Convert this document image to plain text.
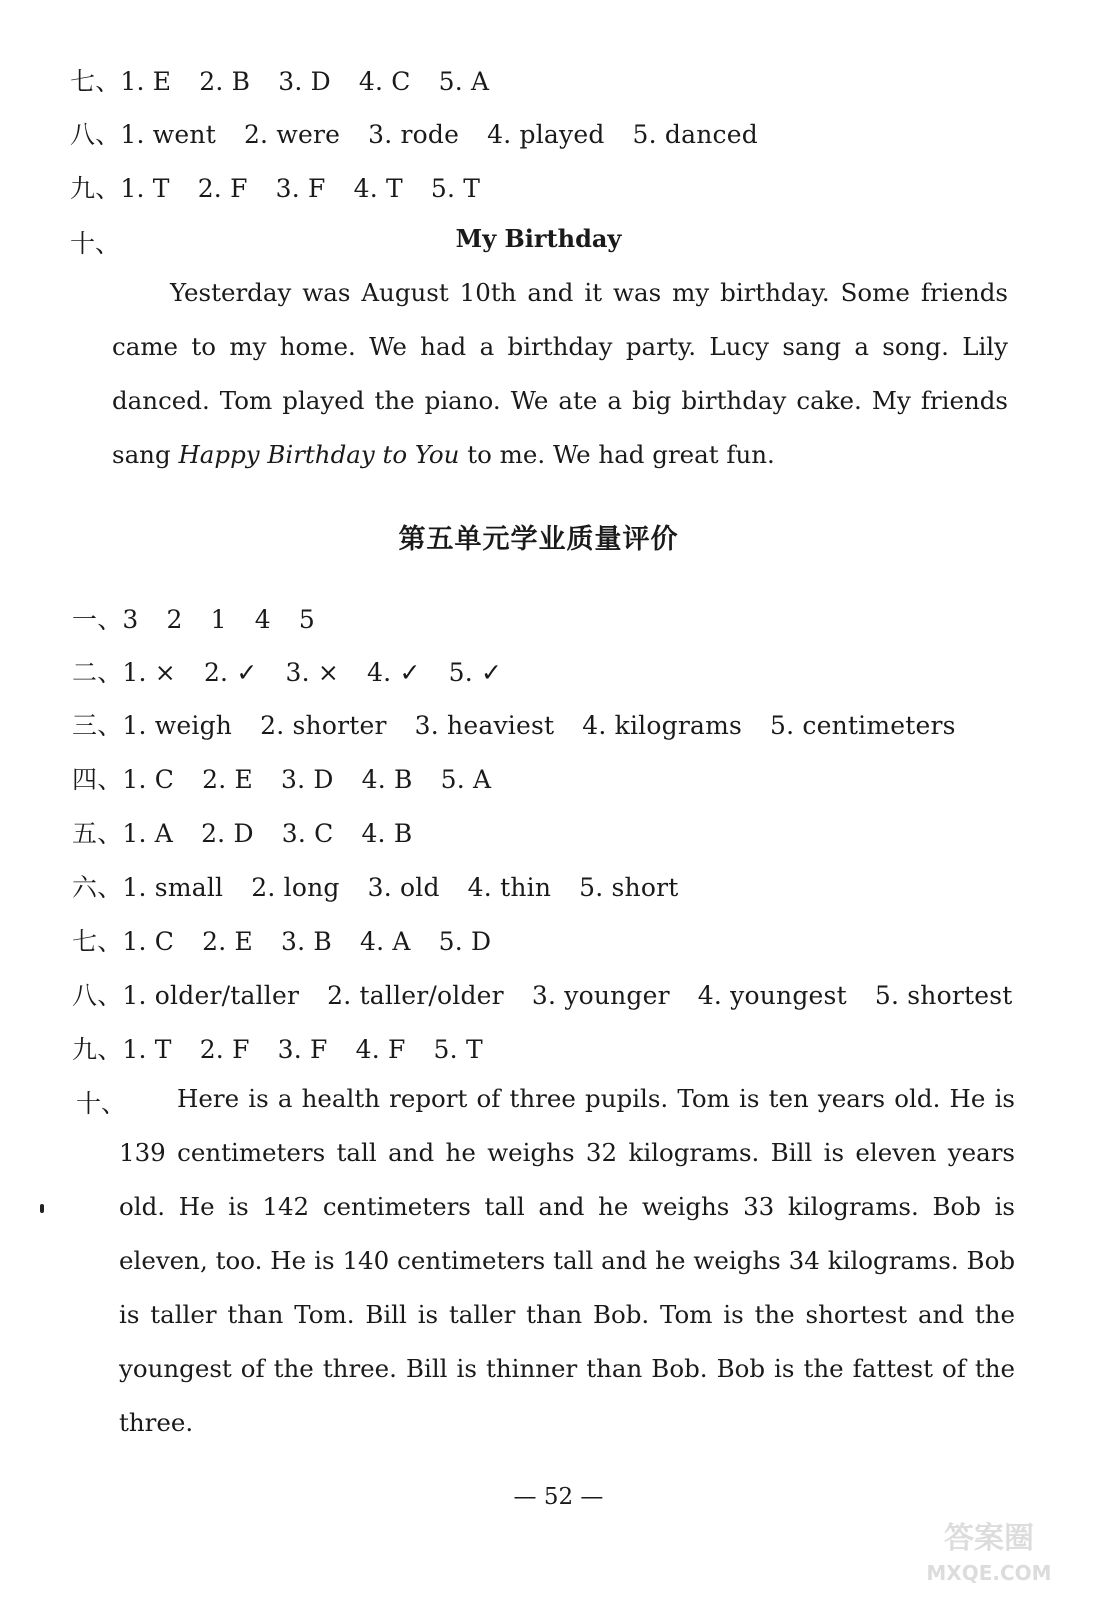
七、1. E 2. B 3. D 4. C 5. A
八、1. went 2. were 3. rode 4. played 5. danced
九、1. T 2. F 3. F 4. T 5. T
十、	My Birthday
Yesterday was August 10th and it was my birthday. Some friends came to my home. We had a birthday party. Lucy sang a song. Lily danced. Tom played the piano. We ate a big birthday cake. My friends sang Happy Birthday to You to me. We had great fun.
第五单元学业质量评价
一、3 2 1 4 5
二、1. × 2. ✓ 3. × 4. ✓ 5. ✓
三、1. weigh 2. shorter 3. heaviest 4. kilograms 5. centimeters
四、1. C 2. E 3. D 4. B 5. A
五、1. A 2. D 3. C 4. B
六、1. small 2. long 3. old 4. thin 5. short
七、1. C 2. E 3. B 4. A 5. D
八、1. older/taller 2. taller/older 3. younger 4. youngest 5. shortest
九、1. T 2. F 3. F 4. F 5. T
十、	Here is a health report of three pupils. Tom is ten years old. He is 139 centimeters tall and he weighs 32 kilograms. Bill is eleven years old. He is 142 centimeters tall and he weighs 33 kilograms. Bob is eleven, too. He is 140 centimeters tall and he weighs 34 kilograms. Bob is taller than Tom. Bill is taller than Bob. Tom is the shortest and the youngest of the three. Bill is thinner than Bob. Bob is the fattest of the three.
— 52 —
答案圈
MXQE.COM
